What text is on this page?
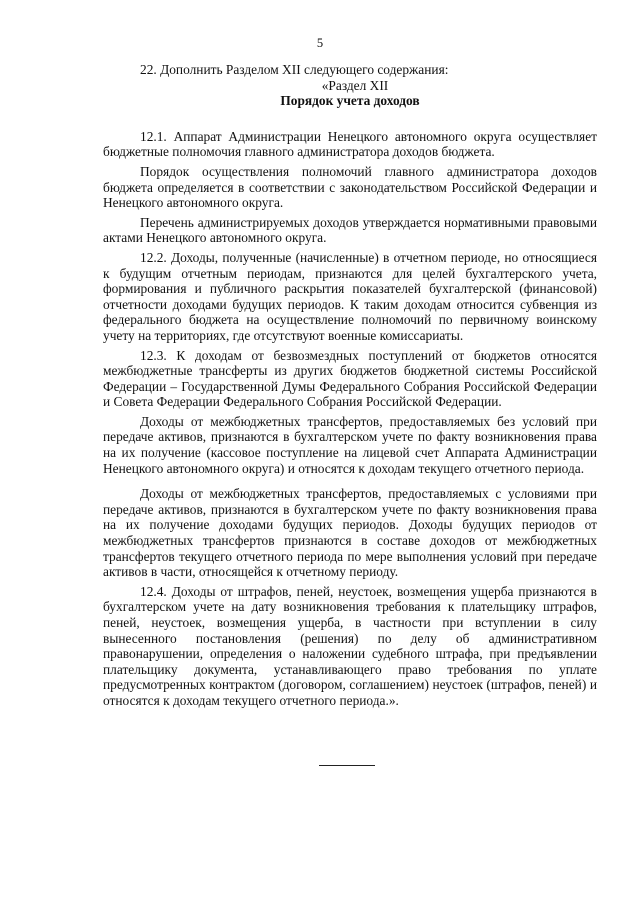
5

22. Дополнить Разделом XII следующего содержания:

«Раздел XII

Порядок учета доходов

12.1. Аппарат Администрации Ненецкого автономного округа осуществляет бюджетные полномочия главного администратора доходов бюджета.

Порядок осуществления полномочий главного администратора доходов бюджета определяется в соответствии с законодательством Российской Федерации и Ненецкого автономного округа.

Перечень администрируемых доходов утверждается нормативными правовыми актами Ненецкого автономного округа.

12.2. Доходы, полученные (начисленные) в отчетном периоде, но относящиеся к будущим отчетным периодам, признаются для целей бухгалтерского учета, формирования и публичного раскрытия показателей бухгалтерской (финансовой) отчетности доходами будущих периодов. К таким доходам относится субвенция из федерального бюджета на осуществление полномочий по первичному воинскому учету на территориях, где отсутствуют военные комиссариаты.

12.3. К доходам от безвозмездных поступлений от бюджетов относятся межбюджетные трансферты из других бюджетов бюджетной системы Российской Федерации – Государственной Думы Федерального Собрания Российской Федерации и Совета Федерации Федерального Собрания Российской Федерации.

Доходы от межбюджетных трансфертов, предоставляемых без условий при передаче активов, признаются в бухгалтерском учете по факту возникновения права на их получение (кассовое поступление на лицевой счет Аппарата Администрации Ненецкого автономного округа) и относятся к доходам текущего отчетного периода.

Доходы от межбюджетных трансфертов, предоставляемых с условиями при передаче активов, признаются в бухгалтерском учете по факту возникновения права на их получение доходами будущих периодов. Доходы будущих периодов от межбюджетных трансфертов признаются в составе доходов от межбюджетных трансфертов текущего отчетного периода по мере выполнения условий при передаче активов в части, относящейся к отчетному периоду.

12.4. Доходы от штрафов, пеней, неустоек, возмещения ущерба признаются в бухгалтерском учете на дату возникновения требования к плательщику штрафов, пеней, неустоек, возмещения ущерба, в частности при вступлении в силу вынесенного постановления (решения) по делу об административном правонарушении, определения о наложении судебного штрафа, при предъявлении плательщику документа, устанавливающего право требования по уплате предусмотренных контрактом (договором, соглашением) неустоек (штрафов, пеней) и относятся к доходам текущего отчетного периода.».
